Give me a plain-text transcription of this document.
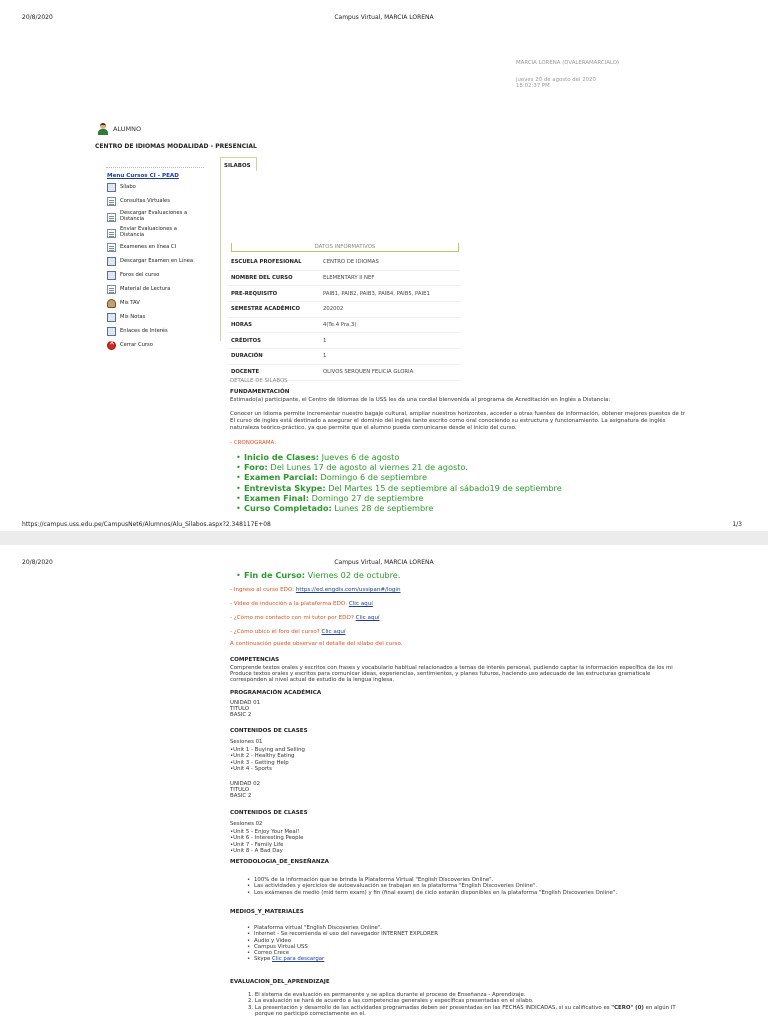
20/8/2020	Campus Virtual, MARCIA LORENA
MARCIA LORENA (DVALERAMARCIALO)
jueves 20 de agosto del 2020
18:02:37 PM
ALUMNO
CENTRO DE IDIOMAS MODALIDAD - PRESENCIAL
SILABOS
Menu Cursos CI - PEAD
Sílabo
Consultas Virtuales
Descargar Evaluaciones a Distancia
Enviar Evaluaciones a Distancia
Examenes en línea CI
Descargar Examen en Línea
Foros del curso
Material de Lectura
Mis TAV
Mis Notas
Enlaces de Interés
✕
Cerrar Curso
DATOS INFORMATIVOS
ESCUELA PROFESIONAL	CENTRO DE IDIOMAS
NOMBRE DEL CURSO	ELEMENTARY II NEF
PRE-REQUISITO	PAIB1, PAIB2, PAIB3, PAIB4, PAIB5, PAIE1
SEMESTRE ACADÉMICO	202002
HORAS	4(Te.4 Pra.3)
CRÉDITOS	1
DURACIÓN	1
DOCENTE	OLIVOS SERQUEN FELICIA GLORIA
DETALLE DE SILABOS
FUNDAMENTACIÓN
Estimado(a) participante, el Centro de Idiomas de la USS les da una cordial bienvenida al programa de Acreditación en Inglés a Distancia:
Conocer un idioma permite incrementar nuestro bagaje cultural, ampliar nuestros horizontes, acceder a otras fuentes de información, obtener mejores puestos de tr
El curso de inglés está destinado a asegurar el dominio del inglés tanto escrito como oral conociendo su estructura y funcionamiento. La asignatura de inglés
naturaleza teórico-práctico, ya que permite que el alumno pueda comunicarse desde el inicio del curso.
- CRONOGRAMA:
• Inicio de Clases: Jueves 6 de agosto
• Foro: Del Lunes 17 de agosto al viernes 21 de agosto.
• Examen Parcial: Domingo 6 de septiembre
• Entrevista Skype: Del Martes 15 de septiembre al sábado19 de septiembre
• Examen Final: Domingo 27 de septiembre
• Curso Completado: Lunes 28 de septiembre
https://campus.uss.edu.pe/CampusNet6/Alumnos/Alu_Silabos.aspx?2.348117E+08	1/3
20/8/2020	Campus Virtual, MARCIA LORENA
• Fin de Curso: Viernes 02 de octubre.
- Ingreso al curso EDO: https://ed.engdis.com/ussipan#/login
- Video de inducción a la plataforma EDO: Clic aquí
- ¿Cómo me contacto con mi tutor por EDO? Clic aquí
- ¿Cómo ubico el foro del curso? Clic aquí
A continuación puede observar el detalle del silabo del curso.
COMPETENCIAS
Comprende textos orales y escritos con frases y vocabulario habitual relacionados a temas de interés personal, pudiendo captar la información específica de los mi
Produce textos orales y escritos para comunicar ideas, experiencias, sentimientos, y planes futuros, haciendo uso adecuado de las estructuras gramaticale
corresponden al nivel actual de estudio de la lengua inglesa.
PROGRAMACIÓN ACADÉMICA
UNIDAD 01
TITULO
BASIC 2
CONTENIDOS DE CLASES
Sesiones 01
•Unit 1 - Buying and Selling
•Unit 2 - Healthy Eating
•Unit 3 - Getting Help
•Unit 4 - Sports
UNIDAD 02
TITULO
BASIC 2
CONTENIDOS DE CLASES
Sesiones 02
•Unit 5 - Enjoy Your Meal!
•Unit 6 - Interesting People
•Unit 7 - Family Life
•Unit 8 - A Bad Day
METODOLOGIA_DE_ENSEÑANZA
• 100% de la información que se brinda la Plataforma Virtual "English Discoveries Online".
• Las actividades y ejercicios de autoevaluación se trabajan en la plataforma "English Discoveries Online".
• Los exámenes de medio (mid term exam) y fin (final exam) de ciclo estarán disponibles en la plataforma "English Discoveries Online".
MEDIOS_Y_MATERIALES
• Plataforma virtual "English Discoveries Online".
• Internet - Se recomienda el uso del navegador INTERNET EXPLORER
• Audio y Video
• Campus Virtual USS
• Correo Crece
• Skype Clic para descargar
EVALUACION_DEL_APRENDIZAJE
1. El sistema de evaluación es permanente y se aplica durante el proceso de Enseñanza - Aprendizaje.
2. La evaluación se hará de acuerdo a las competencias generales y específicas presentadas en el sílabo.
3. La presentación y desarrollo de las actividades programadas deben ser presentadas en las FECHAS INDICADAS, si su calificativo es "CERO" (0) en algún IT
porque no participó correctamente en el.
